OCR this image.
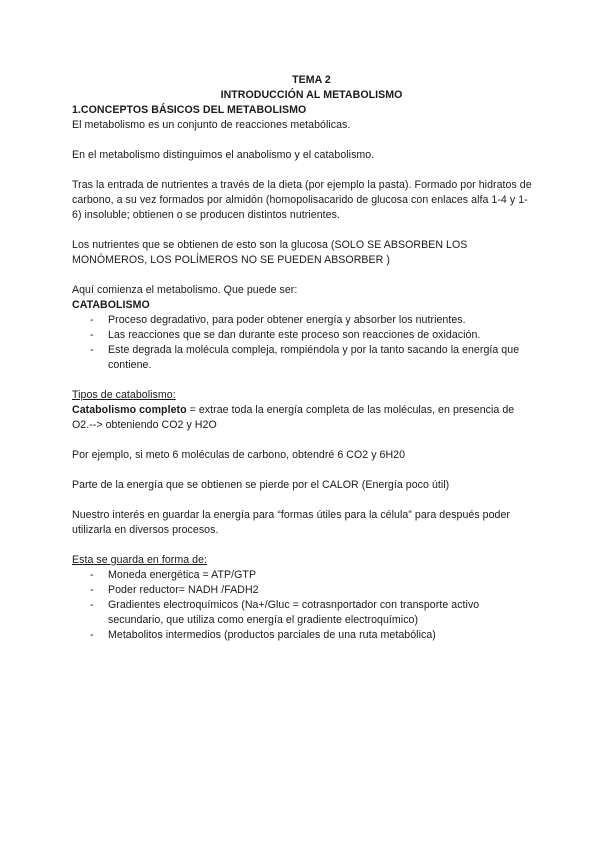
TEMA 2

INTRODUCCIÓN AL METABOLISMO

1.CONCEPTOS BÁSICOS DEL METABOLISMO

El metabolismo es un conjunto de reacciones metabólicas.

En el metabolismo distinguimos el anabolismo y el catabolismo.

Tras la entrada de nutrientes a través de la dieta (por ejemplo la pasta). Formado por hidratos de carbono, a su vez formados por almidón (homopolisacarido de glucosa con enlaces alfa 1-4 y 1-6) insoluble; obtienen o se producen distintos nutrientes.

Los nutrientes que se obtienen de esto son la glucosa (SOLO SE ABSORBEN LOS MONÓMEROS, LOS POLÍMEROS NO SE PUEDEN ABSORBER )

Aquí comienza el metabolismo. Que puede ser:

CATABOLISMO

- Proceso degradativo, para poder obtener energía y absorber los nutrientes.
- Las reacciones que se dan durante este proceso son reacciones de oxidación.
- Este degrada la molécula compleja, rompiéndola y por la tanto sacando la energía que contiene.

Tipos de catabolismo:

Catabolismo completo = extrae toda la energía completa de las moléculas, en presencia de O2.--> obteniendo CO2 y H2O

Por ejemplo, si meto 6 moléculas de carbono, obtendré 6 CO2 y 6H20

Parte de la energía que se obtienen se pierde por el CALOR (Energía poco útil)

Nuestro interés en guardar la energía para “formas útiles para la célula” para después poder utilizarla en diversos procesos.

Esta se guarda en forma de:

- Moneda energética = ATP/GTP
- Poder reductor= NADH /FADH2
- Gradientes electroquímicos (Na+/Gluc = cotrasnportador con transporte activo secundario, que utiliza como energía el gradiente electroquímico)
- Metabolitos intermedios (productos parciales de una ruta metabólica)
